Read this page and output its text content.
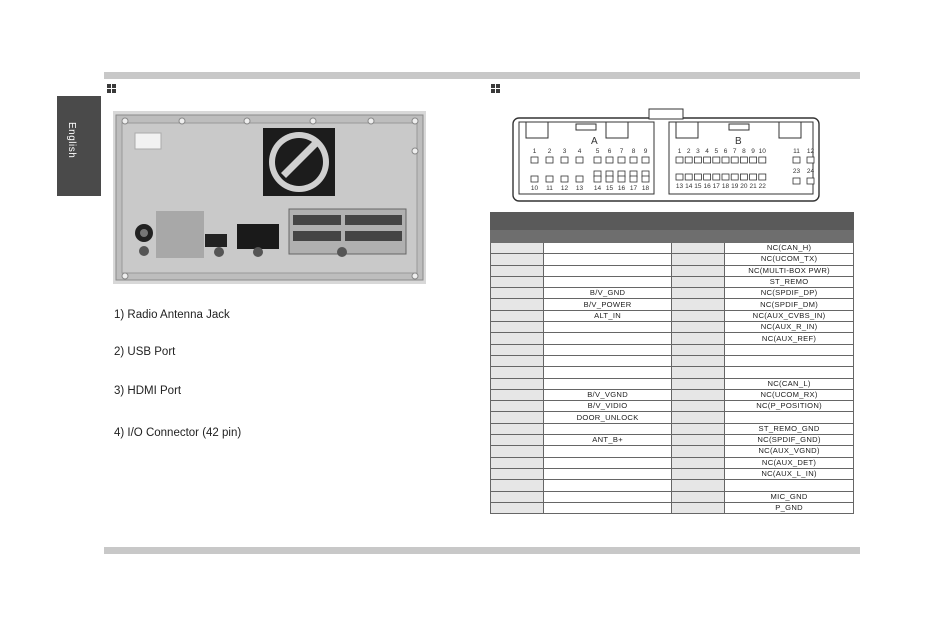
English
1) Radio Antenna Jack
2) USB Port
3) HDMI Port
4) I/O Connector (42 pin)
A	B
1 2 3 4 5 6 7 8 9
10 11 12 13 14 15 16 17 18
1 2 3 4 5 6 7 8 9 10	11 12
13 14 15 16 17 18 19 20 21 22
23 24

			NC(CAN_H)
			NC(UCOM_TX)
			NC(MULTI-BOX PWR)
			ST_REMO
	B/V_GND		NC(SPDIF_DP)
	B/V_POWER		NC(SPDIF_DM)
	ALT_IN		NC(AUX_CVBS_IN)
			NC(AUX_R_IN)
			NC(AUX_REF)

			NC(CAN_L)
	B/V_VGND		NC(UCOM_RX)
	B/V_VIDIO		NC(P_POSITION)
	DOOR_UNLOCK		
			ST_REMO_GND
	ANT_B+		NC(SPDIF_GND)
			NC(AUX_VGND)
			NC(AUX_DET)
			NC(AUX_L_IN)

			MIC_GND
			P_GND
